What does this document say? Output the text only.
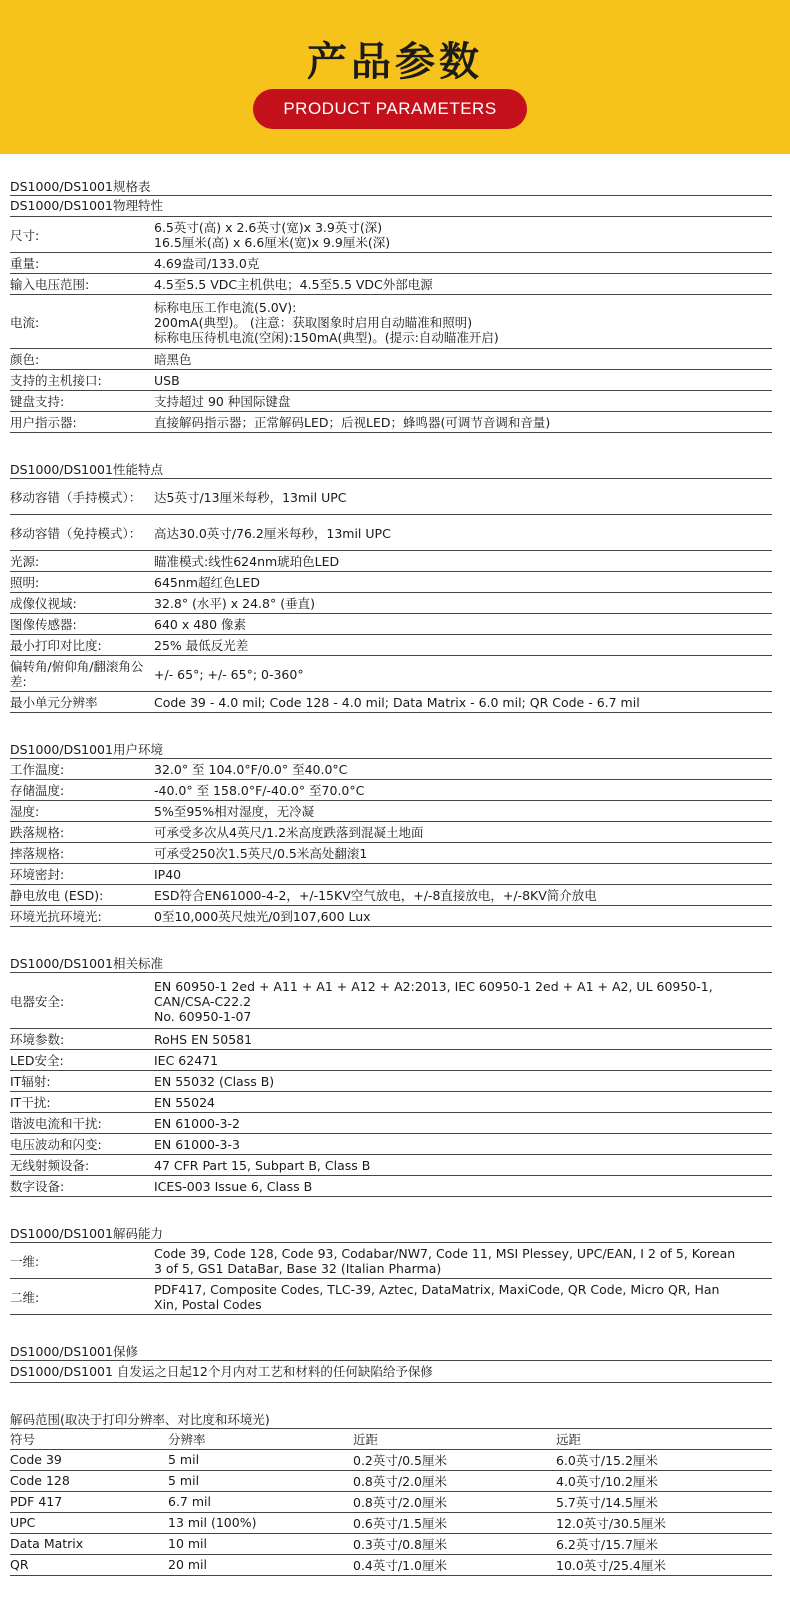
产品参数
PRODUCT PARAMETERS
DS1000/DS1001规格表
DS1000/DS1001物理特性
尺寸:	6.5英寸(高) x 2.6英寸(宽)x 3.9英寸(深)
16.5厘米(高) x 6.6厘米(宽)x 9.9厘米(深)
重量:	4.69盎司/133.0克
输入电压范围:	4.5至5.5 VDC主机供电；4.5至5.5 VDC外部电源
电流:
标称电压工作电流(5.0V):
200mA(典型)。 (注意：获取图象时启用自动瞄准和照明)
标称电压待机电流(空闲):150mA(典型)。(提示:自动瞄准开启)
颜色:	暗黑色
支持的主机接口:	USB
键盘支持:	支持超过 90 种国际键盘
用户指示器:	直接解码指示器；正常解码LED；后视LED；蜂鸣器(可调节音调和音量)
DS1000/DS1001性能特点
移动容错（手持模式）：	达5英寸/13厘米每秒，13mil UPC
移动容错（免持模式）：	高达30.0英寸/76.2厘米每秒，13mil UPC
光源:	瞄准模式:线性624nm琥珀色LED
照明:	645nm超红色LED
成像仪视域:	32.8° (水平) x 24.8° (垂直)
图像传感器:	640 x 480 像素
最小打印对比度:	25% 最低反光差
偏转角/俯仰角/翻滚角公差:	+/- 65°; +/- 65°; 0-360°
最小单元分辨率	Code 39 - 4.0 mil; Code 128 - 4.0 mil; Data Matrix - 6.0 mil; QR Code - 6.7 mil
DS1000/DS1001用户环境
工作温度:	32.0° 至 104.0°F/0.0° 至40.0°C
存储温度:	-40.0° 至 158.0°F/-40.0° 至70.0°C
湿度:	5%至95%相对湿度，无冷凝
跌落规格:	可承受多次从4英尺/1.2米高度跌落到混凝土地面
摔落规格:	可承受250次1.5英尺/0.5米高处翻滚1
环境密封:	IP40
静电放电 (ESD):	ESD符合EN61000-4-2，+/-15KV空气放电，+/-8直接放电，+/-8KV简介放电
环境光抗环境光:	0至10,000英尺烛光/0到107,600 Lux
DS1000/DS1001相关标准
电器安全:
EN 60950-1 2ed + A11 + A1 + A12 + A2:2013, IEC 60950-1 2ed + A1 + A2, UL 60950-1,
CAN/CSA-C22.2
No. 60950-1-07
环境参数:	RoHS EN 50581
LED安全:	IEC 62471
IT辐射:	EN 55032 (Class B)
IT干扰:	EN 55024
谐波电流和干扰:	EN 61000-3-2
电压波动和闪变:	EN 61000-3-3
无线射频设备:	47 CFR Part 15, Subpart B, Class B
数字设备:	ICES-003 Issue 6, Class B
DS1000/DS1001解码能力
一维:	Code 39, Code 128, Code 93, Codabar/NW7, Code 11, MSI Plessey, UPC/EAN, I 2 of 5, Korean
3 of 5, GS1 DataBar, Base 32 (Italian Pharma)
二维:	PDF417, Composite Codes, TLC-39, Aztec, DataMatrix, MaxiCode, QR Code, Micro QR, Han
Xin, Postal Codes
DS1000/DS1001保修
DS1000/DS1001 自发运之日起12个月内对工艺和材料的任何缺陷给予保修
解码范围(取决于打印分辨率、对比度和环境光)
符号	分辨率	近距	远距
Code 39	5 mil	0.2英寸/0.5厘米	6.0英寸/15.2厘米
Code 128	5 mil	0.8英寸/2.0厘米	4.0英寸/10.2厘米
PDF 417	6.7 mil	0.8英寸/2.0厘米	5.7英寸/14.5厘米
UPC	13 mil (100%)	0.6英寸/1.5厘米	12.0英寸/30.5厘米
Data Matrix	10 mil	0.3英寸/0.8厘米	6.2英寸/15.7厘米
QR	20 mil	0.4英寸/1.0厘米	10.0英寸/25.4厘米
